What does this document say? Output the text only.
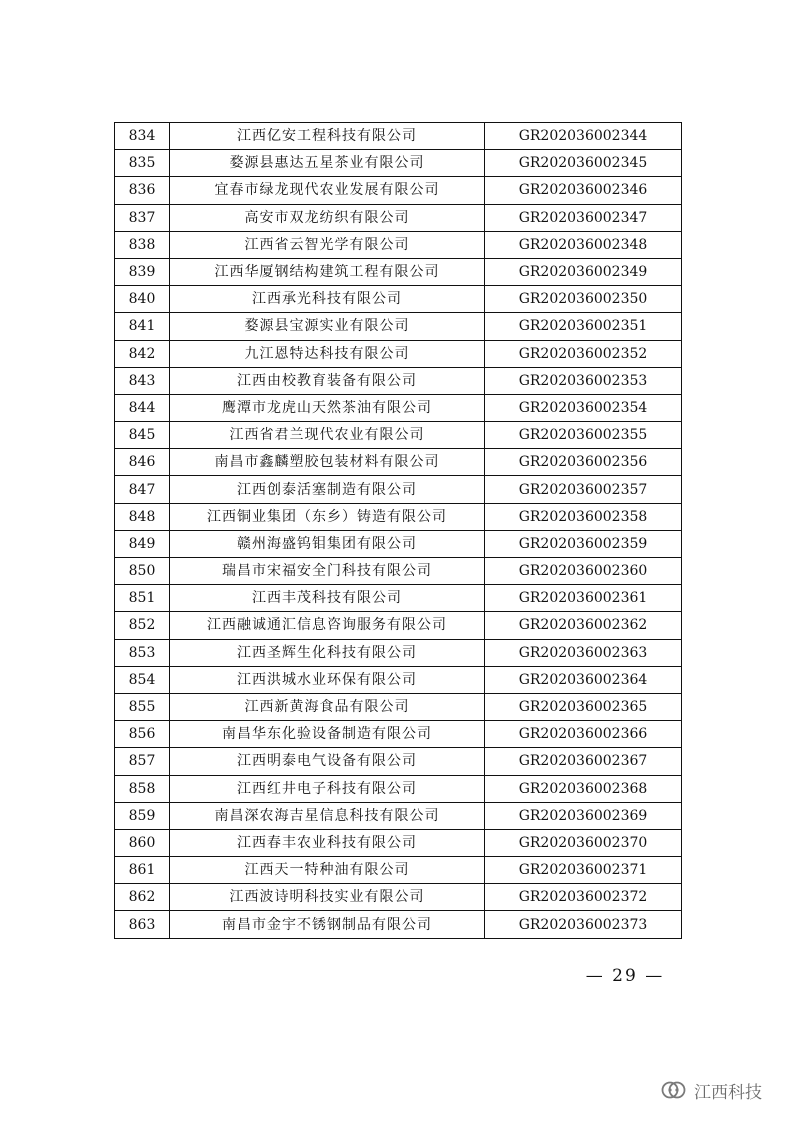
834	江西亿安工程科技有限公司	GR202036002344
835	婺源县惠达五星茶业有限公司	GR202036002345
836	宜春市绿龙现代农业发展有限公司	GR202036002346
837	高安市双龙纺织有限公司	GR202036002347
838	江西省云智光学有限公司	GR202036002348
839	江西华厦钢结构建筑工程有限公司	GR202036002349
840	江西承光科技有限公司	GR202036002350
841	婺源县宝源实业有限公司	GR202036002351
842	九江恩特达科技有限公司	GR202036002352
843	江西由校教育装备有限公司	GR202036002353
844	鹰潭市龙虎山天然茶油有限公司	GR202036002354
845	江西省君兰现代农业有限公司	GR202036002355
846	南昌市鑫麟塑胶包装材料有限公司	GR202036002356
847	江西创泰活塞制造有限公司	GR202036002357
848	江西铜业集团（东乡）铸造有限公司	GR202036002358
849	赣州海盛钨钼集团有限公司	GR202036002359
850	瑞昌市宋福安全门科技有限公司	GR202036002360
851	江西丰茂科技有限公司	GR202036002361
852	江西融诚通汇信息咨询服务有限公司	GR202036002362
853	江西圣辉生化科技有限公司	GR202036002363
854	江西洪城水业环保有限公司	GR202036002364
855	江西新黄海食品有限公司	GR202036002365
856	南昌华东化验设备制造有限公司	GR202036002366
857	江西明泰电气设备有限公司	GR202036002367
858	江西红井电子科技有限公司	GR202036002368
859	南昌深农海吉星信息科技有限公司	GR202036002369
860	江西春丰农业科技有限公司	GR202036002370
861	江西天一特种油有限公司	GR202036002371
862	江西波诗明科技实业有限公司	GR202036002372
863	南昌市金宇不锈钢制品有限公司	GR202036002373
— 29 —
江西科技
